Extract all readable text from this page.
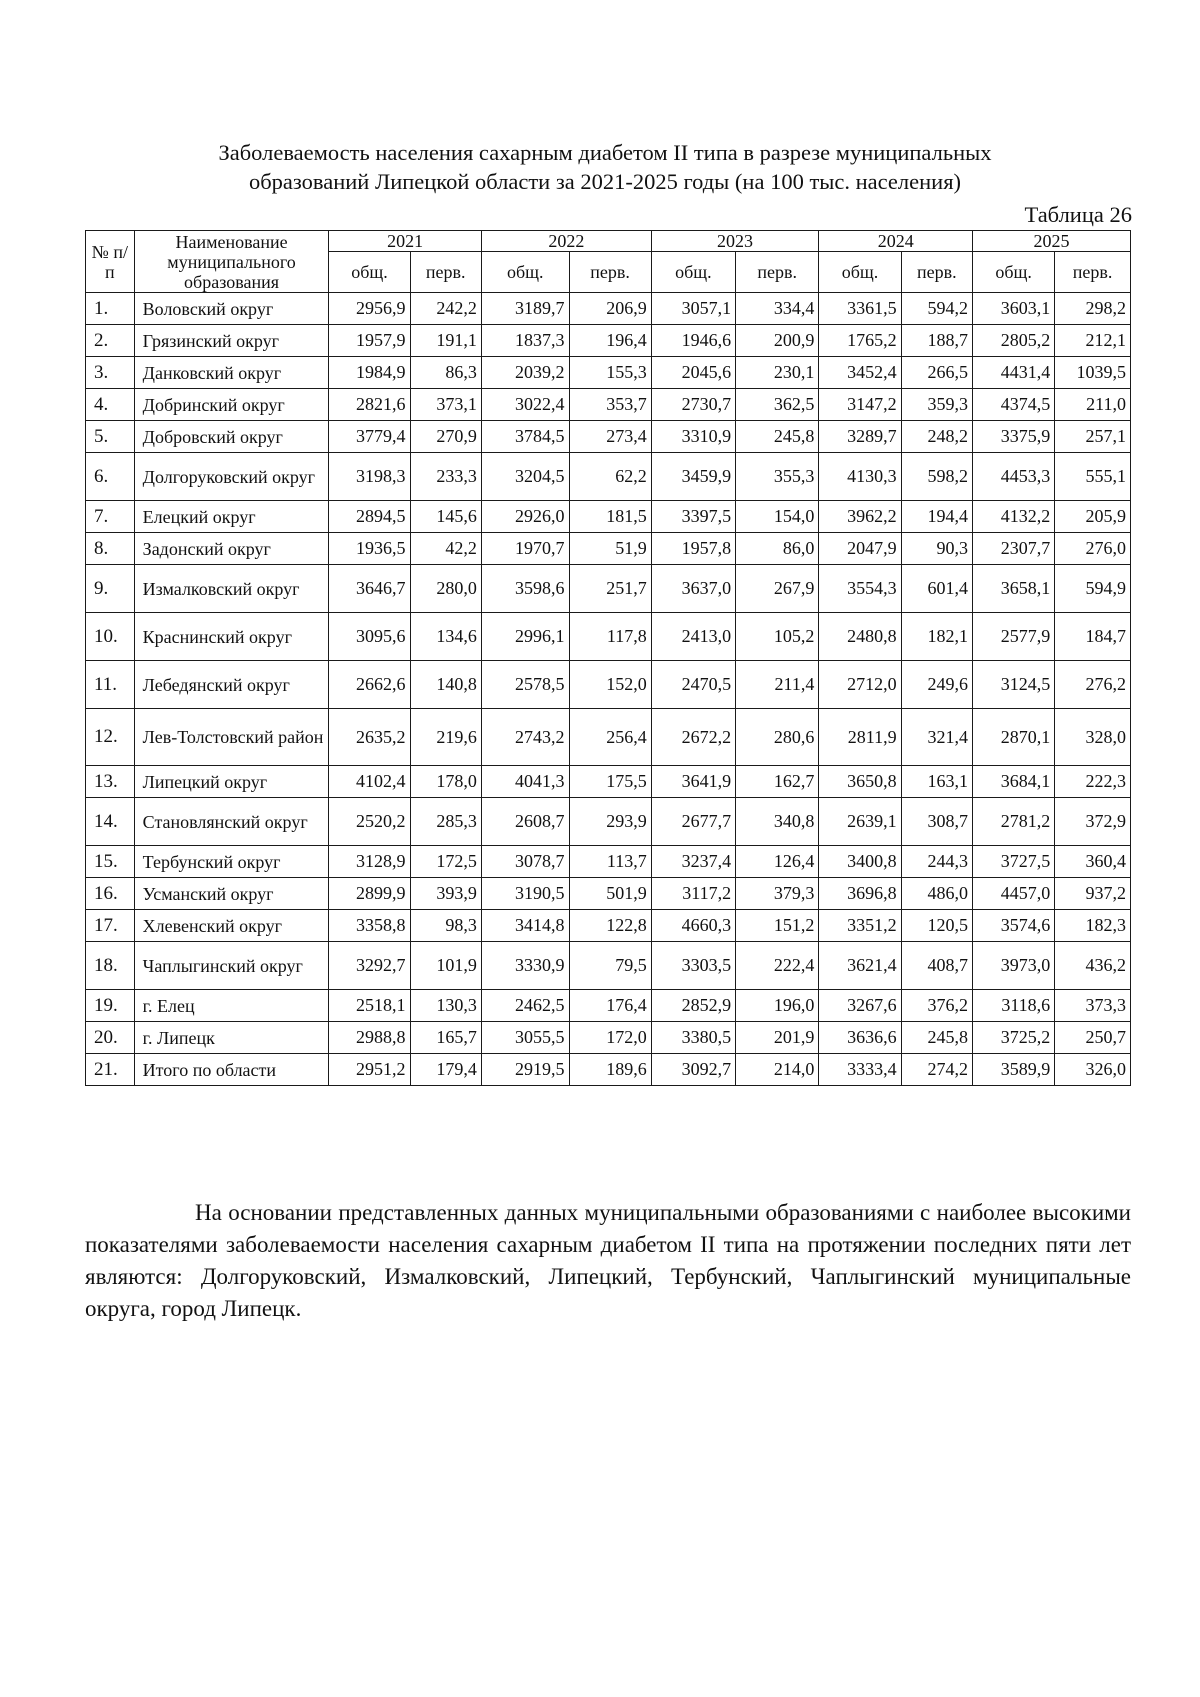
Заболеваемость населения сахарным диабетом II типа в разрезе муниципальных
образований Липецкой области за 2021-2025 годы (на 100 тыс. населения)
Таблица 26
№ п/п	Наименование муниципального образования	2021		2022		2023		2024		2025	
		общ.	перв.	общ.	перв.	общ.	перв.	общ.	перв.	общ.	перв.
1.	Воловский округ	2956,9	242,2	3189,7	206,9	3057,1	334,4	3361,5	594,2	3603,1	298,2
2.	Грязинский округ	1957,9	191,1	1837,3	196,4	1946,6	200,9	1765,2	188,7	2805,2	212,1
3.	Данковский округ	1984,9	86,3	2039,2	155,3	2045,6	230,1	3452,4	266,5	4431,4	1039,5
4.	Добринский округ	2821,6	373,1	3022,4	353,7	2730,7	362,5	3147,2	359,3	4374,5	211,0
5.	Добровский округ	3779,4	270,9	3784,5	273,4	3310,9	245,8	3289,7	248,2	3375,9	257,1
6.	Долгоруковский округ	3198,3	233,3	3204,5	62,2	3459,9	355,3	4130,3	598,2	4453,3	555,1
7.	Елецкий округ	2894,5	145,6	2926,0	181,5	3397,5	154,0	3962,2	194,4	4132,2	205,9
8.	Задонский округ	1936,5	42,2	1970,7	51,9	1957,8	86,0	2047,9	90,3	2307,7	276,0
9.	Измалковский округ	3646,7	280,0	3598,6	251,7	3637,0	267,9	3554,3	601,4	3658,1	594,9
10.	Краснинский округ	3095,6	134,6	2996,1	117,8	2413,0	105,2	2480,8	182,1	2577,9	184,7
11.	Лебедянский округ	2662,6	140,8	2578,5	152,0	2470,5	211,4	2712,0	249,6	3124,5	276,2
12.	Лев-Толстовский район	2635,2	219,6	2743,2	256,4	2672,2	280,6	2811,9	321,4	2870,1	328,0
13.	Липецкий округ	4102,4	178,0	4041,3	175,5	3641,9	162,7	3650,8	163,1	3684,1	222,3
14.	Становлянский округ	2520,2	285,3	2608,7	293,9	2677,7	340,8	2639,1	308,7	2781,2	372,9
15.	Тербунский округ	3128,9	172,5	3078,7	113,7	3237,4	126,4	3400,8	244,3	3727,5	360,4
16.	Усманский округ	2899,9	393,9	3190,5	501,9	3117,2	379,3	3696,8	486,0	4457,0	937,2
17.	Хлевенский округ	3358,8	98,3	3414,8	122,8	4660,3	151,2	3351,2	120,5	3574,6	182,3
18.	Чаплыгинский округ	3292,7	101,9	3330,9	79,5	3303,5	222,4	3621,4	408,7	3973,0	436,2
19.	г. Елец	2518,1	130,3	2462,5	176,4	2852,9	196,0	3267,6	376,2	3118,6	373,3
20.	г. Липецк	2988,8	165,7	3055,5	172,0	3380,5	201,9	3636,6	245,8	3725,2	250,7
21.	Итого по области	2951,2	179,4	2919,5	189,6	3092,7	214,0	3333,4	274,2	3589,9	326,0
На основании представленных данных муниципальными образованиями с наиболее высокими показателями заболеваемости населения сахарным диабетом II типа на протяжении последних пяти лет являются: Долгоруковский, Измалковский, Липецкий, Тербунский, Чаплыгинский муниципальные округа, город Липецк.
